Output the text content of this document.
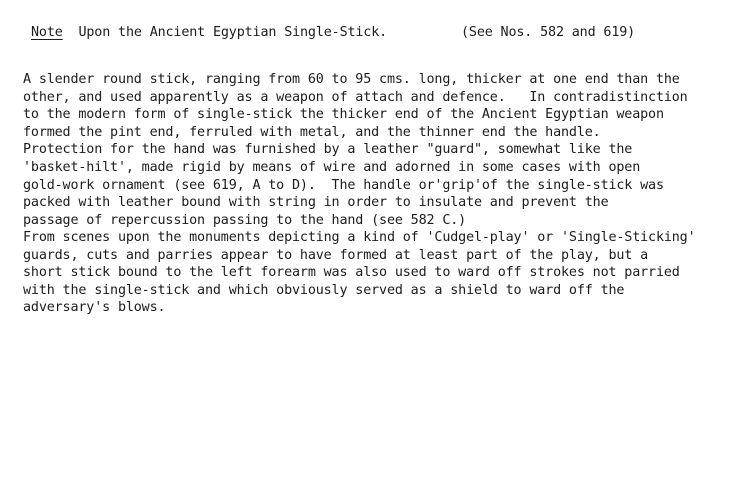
Note Upon the Ancient Egyptian Single-Stick.	(See Nos. 582 and 619)
A slender round stick, ranging from 60 to 95 cms. long, thicker at one end than the
other, and used apparently as a weapon of attach and defence.   In contradistinction
to the modern form of single-stick the thicker end of the Ancient Egyptian weapon
formed the pint end, ferruled with metal, and the thinner end the handle.
Protection for the hand was furnished by a leather "guard", somewhat like the
'basket-hilt', made rigid by means of wire and adorned in some cases with open
gold-work ornament (see 619, A to D).  The handle or'grip'of the single-stick was
packed with leather bound with string in order to insulate and prevent the
passage of repercussion passing to the hand (see 582 C.)
From scenes upon the monuments depicting a kind of 'Cudgel-play' or 'Single-Sticking'
guards, cuts and parries appear to have formed at least part of the play, but a
short stick bound to the left forearm was also used to ward off strokes not parried
with the single-stick and which obviously served as a shield to ward off the
adversary's blows.
